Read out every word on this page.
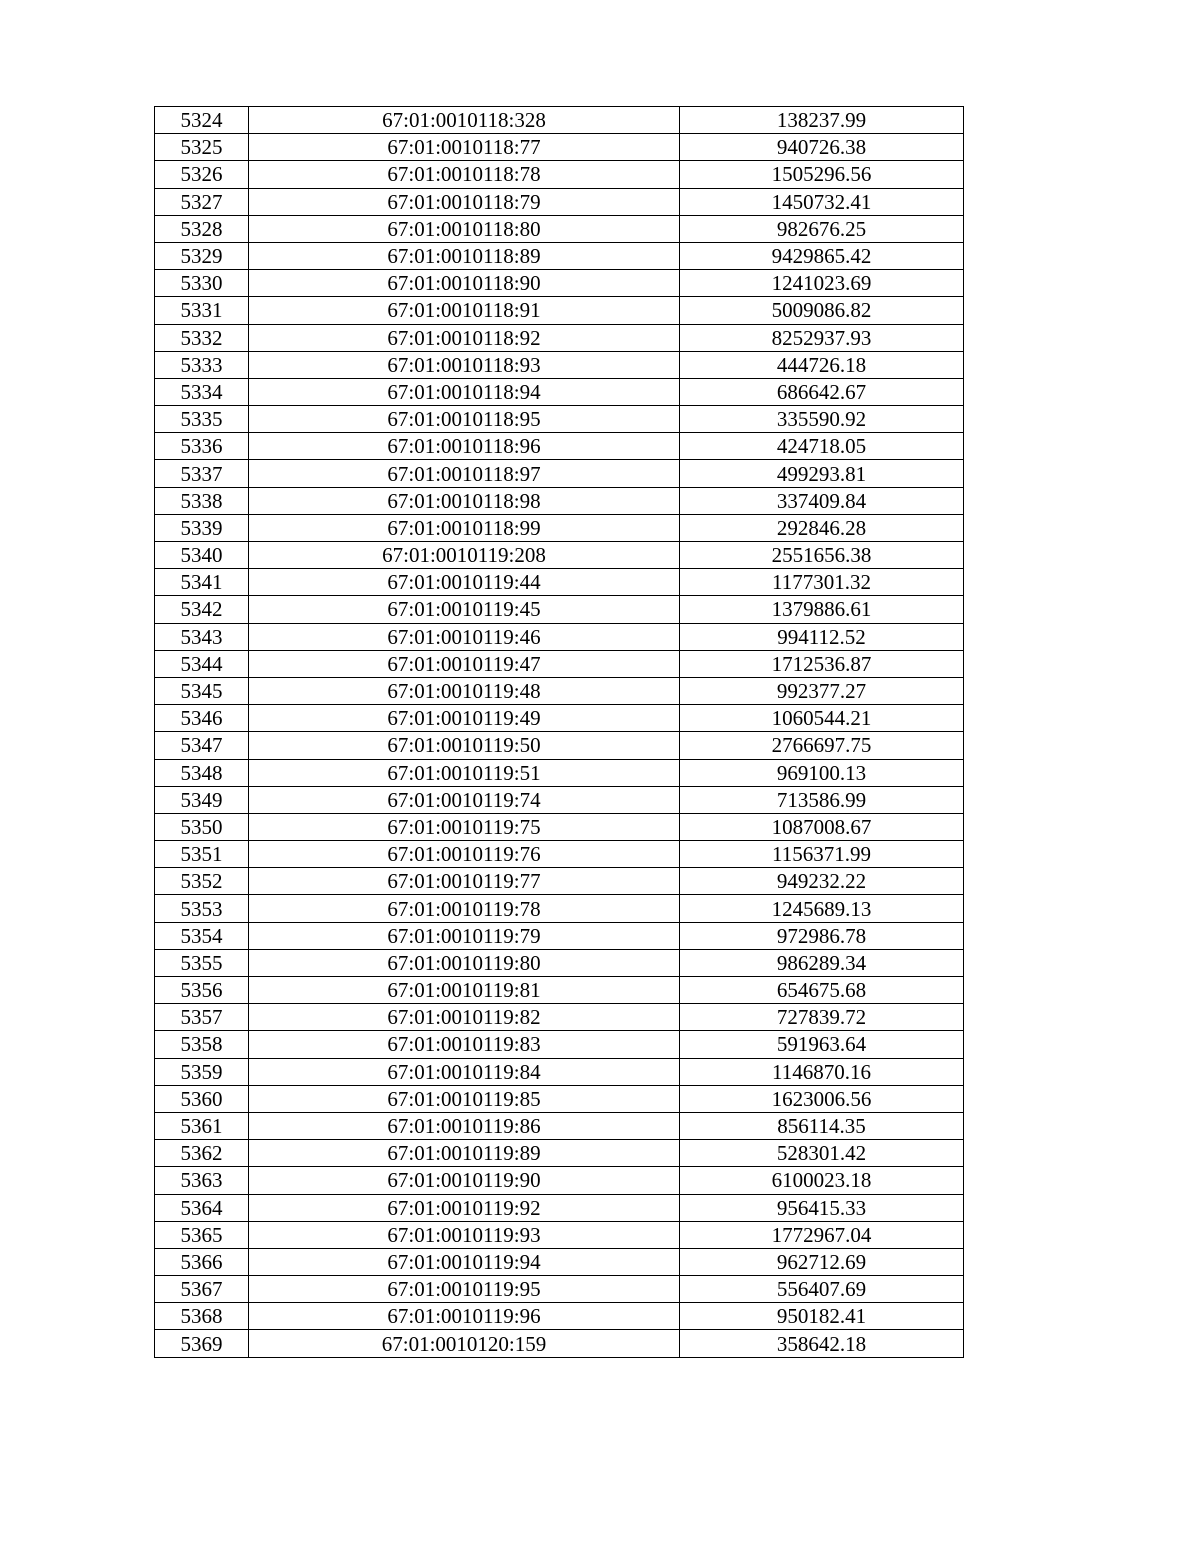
5324	67:01:0010118:328	138237.99
5325	67:01:0010118:77	940726.38
5326	67:01:0010118:78	1505296.56
5327	67:01:0010118:79	1450732.41
5328	67:01:0010118:80	982676.25
5329	67:01:0010118:89	9429865.42
5330	67:01:0010118:90	1241023.69
5331	67:01:0010118:91	5009086.82
5332	67:01:0010118:92	8252937.93
5333	67:01:0010118:93	444726.18
5334	67:01:0010118:94	686642.67
5335	67:01:0010118:95	335590.92
5336	67:01:0010118:96	424718.05
5337	67:01:0010118:97	499293.81
5338	67:01:0010118:98	337409.84
5339	67:01:0010118:99	292846.28
5340	67:01:0010119:208	2551656.38
5341	67:01:0010119:44	1177301.32
5342	67:01:0010119:45	1379886.61
5343	67:01:0010119:46	994112.52
5344	67:01:0010119:47	1712536.87
5345	67:01:0010119:48	992377.27
5346	67:01:0010119:49	1060544.21
5347	67:01:0010119:50	2766697.75
5348	67:01:0010119:51	969100.13
5349	67:01:0010119:74	713586.99
5350	67:01:0010119:75	1087008.67
5351	67:01:0010119:76	1156371.99
5352	67:01:0010119:77	949232.22
5353	67:01:0010119:78	1245689.13
5354	67:01:0010119:79	972986.78
5355	67:01:0010119:80	986289.34
5356	67:01:0010119:81	654675.68
5357	67:01:0010119:82	727839.72
5358	67:01:0010119:83	591963.64
5359	67:01:0010119:84	1146870.16
5360	67:01:0010119:85	1623006.56
5361	67:01:0010119:86	856114.35
5362	67:01:0010119:89	528301.42
5363	67:01:0010119:90	6100023.18
5364	67:01:0010119:92	956415.33
5365	67:01:0010119:93	1772967.04
5366	67:01:0010119:94	962712.69
5367	67:01:0010119:95	556407.69
5368	67:01:0010119:96	950182.41
5369	67:01:0010120:159	358642.18
